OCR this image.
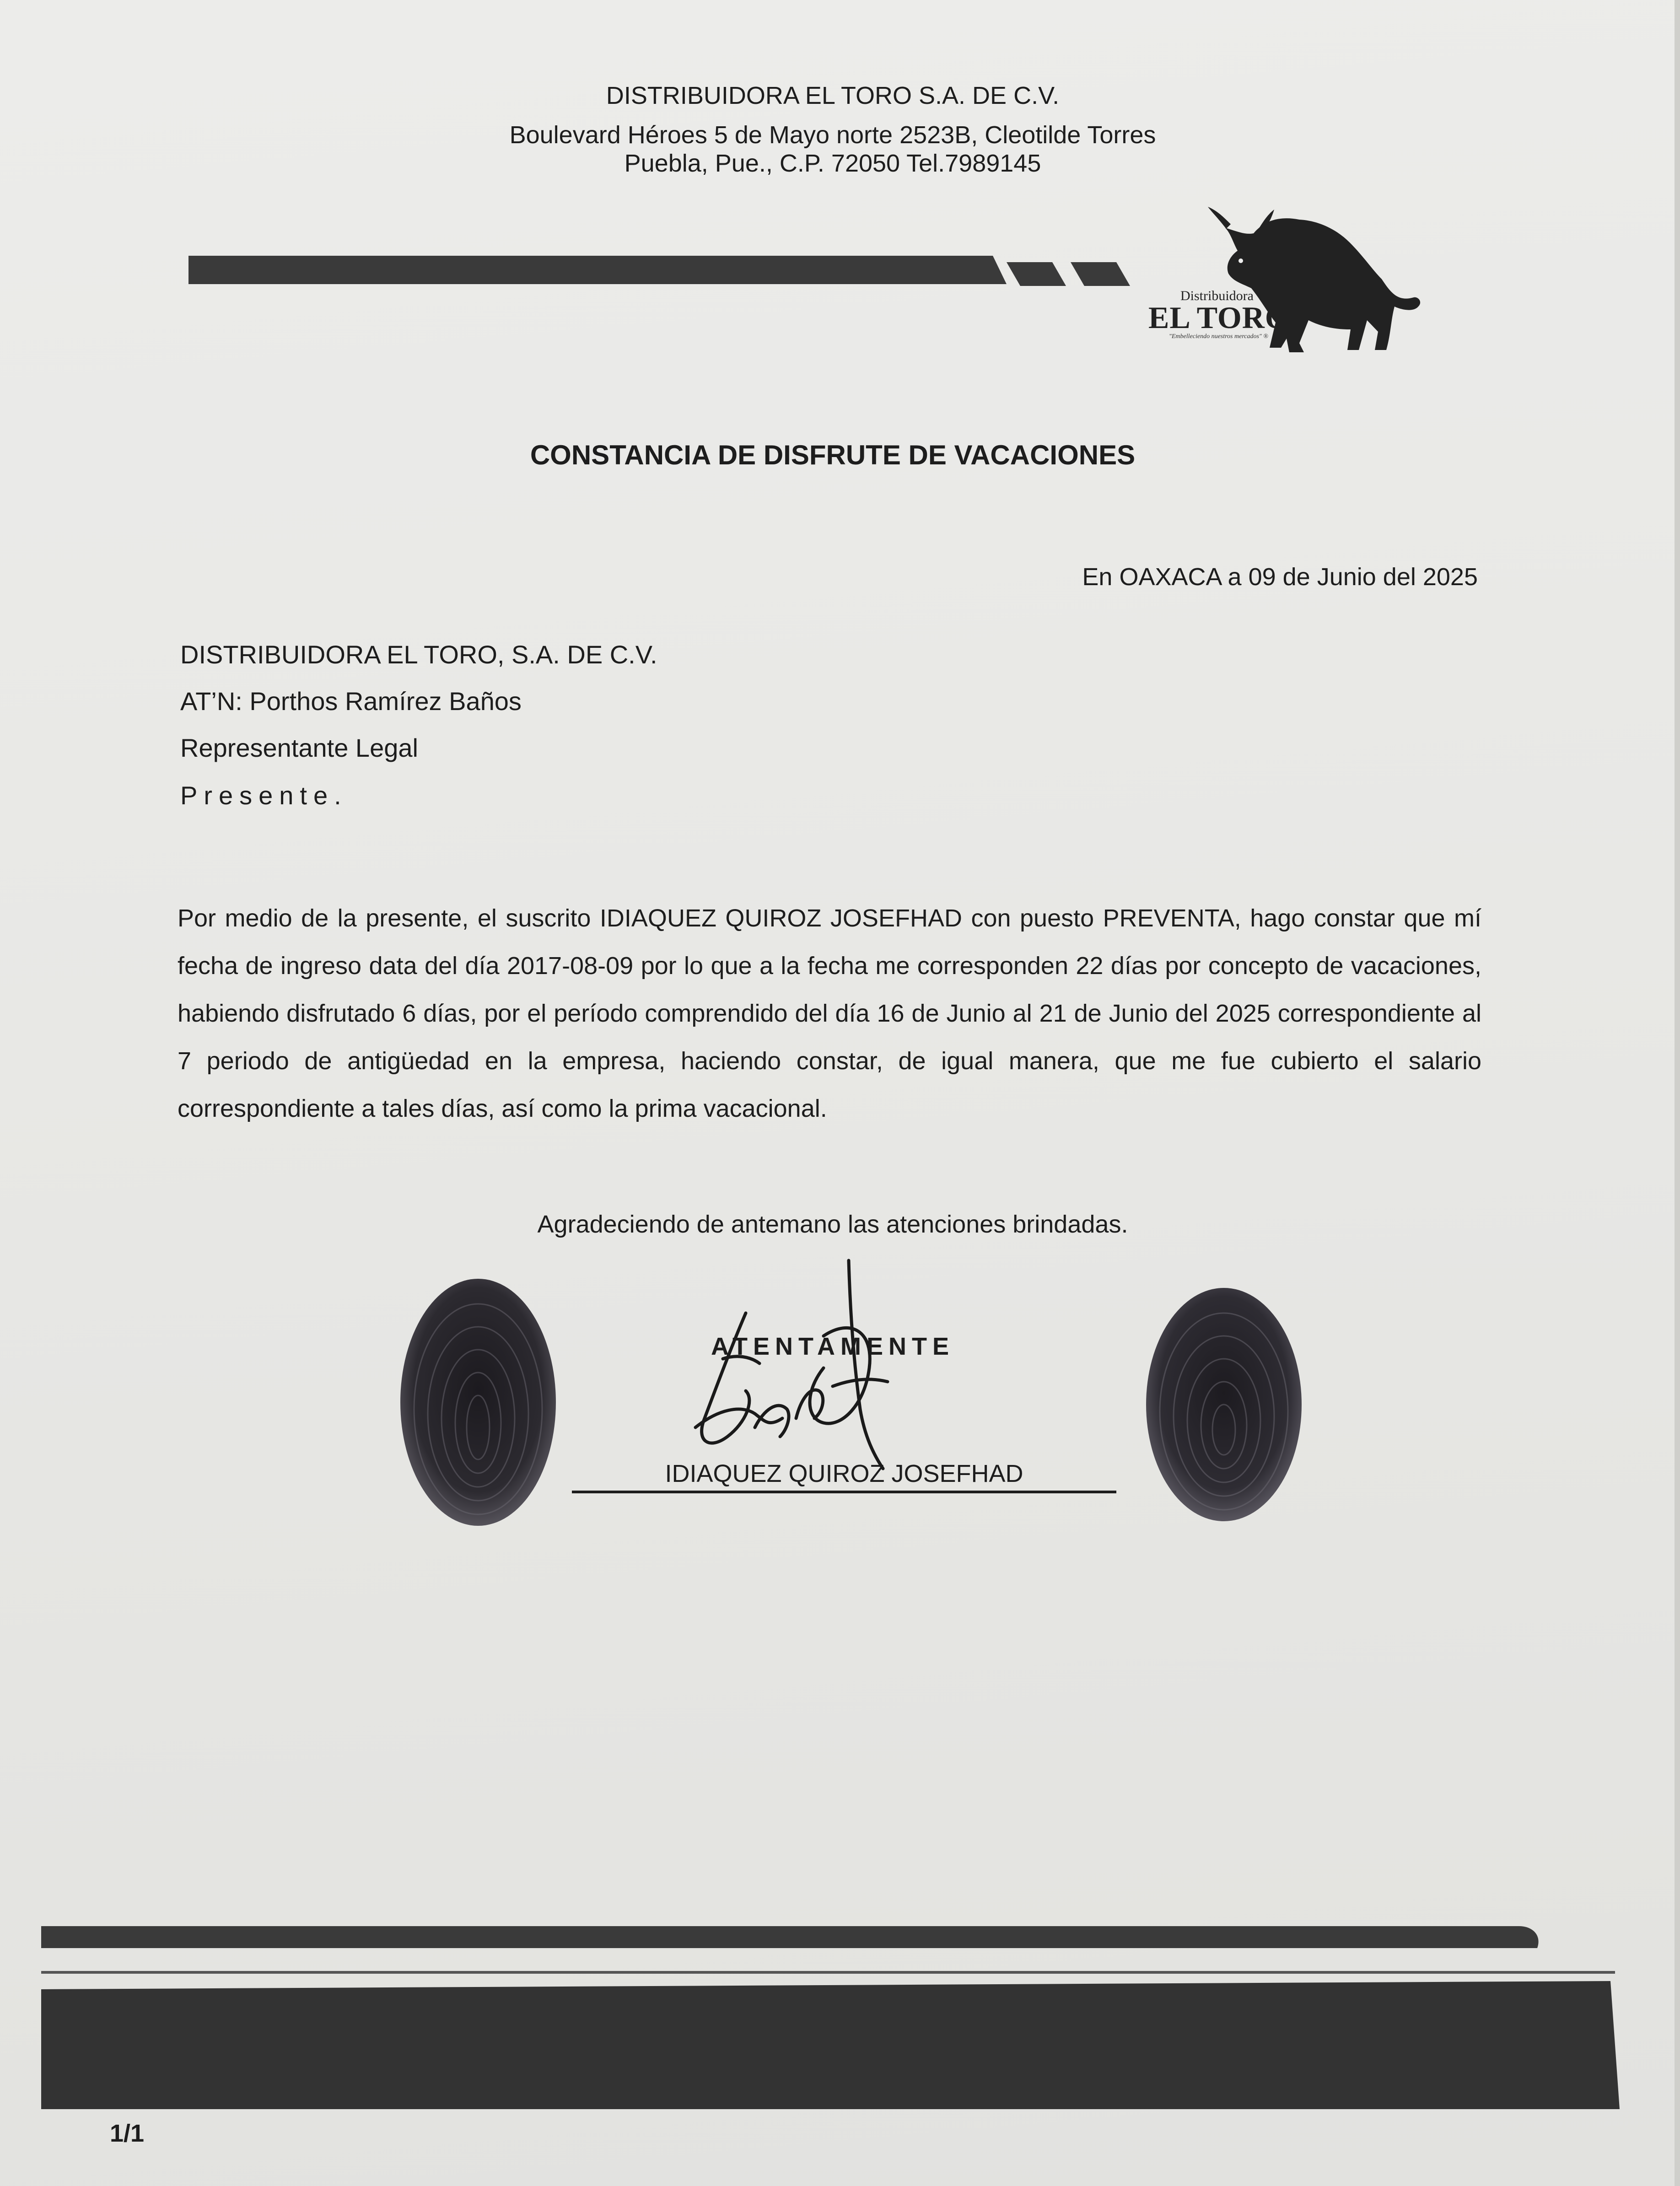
DISTRIBUIDORA EL TORO S.A. DE C.V.
Boulevard Héroes 5 de Mayo norte 2523B, Cleotilde Torres
Puebla, Pue., C.P. 72050 Tel.7989145
Distribuidora
EL TORO
"Embelleciendo nuestros mercados" ®
CONSTANCIA DE DISFRUTE DE VACACIONES
En OAXACA a 09 de Junio del 2025
DISTRIBUIDORA EL TORO, S.A. DE C.V.
AT’N: Porthos Ramírez Baños
Representante Legal
Presente.
Por medio de la presente, el suscrito IDIAQUEZ QUIROZ JOSEFHAD con puesto PREVENTA, hago constar que mí fecha de ingreso data del día 2017-08-09 por lo que a la fecha me corresponden 22 días por concepto de vacaciones, habiendo disfrutado 6 días, por el período comprendido del día 16 de Junio al 21 de Junio del 2025 correspondiente al 7 periodo de antigüedad en la empresa, haciendo constar, de igual manera, que me fue cubierto el salario correspondiente a tales días, así como la prima vacacional.
Agradeciendo de antemano las atenciones brindadas.
ATENTAMENTE
IDIAQUEZ QUIROZ JOSEFHAD
1/1
